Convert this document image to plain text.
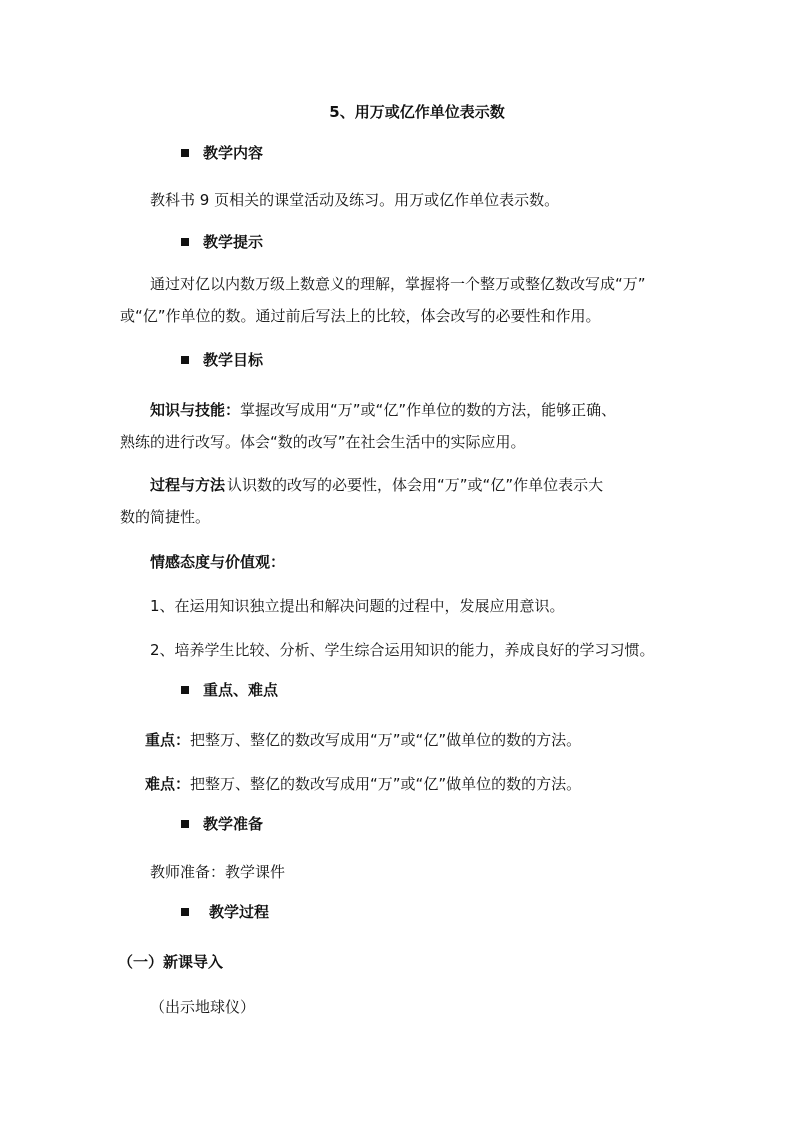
5、用万或亿作单位表示数
教学内容
教科书 9 页相关的课堂活动及练习。用万或亿作单位表示数。
教学提示
通过对亿以内数万级上数意义的理解，掌握将一个整万或整亿数改写成“万”
或“亿”作单位的数。通过前后写法上的比较，体会改写的必要性和作用。
教学目标
知识与技能：掌握改写成用“万”或“亿”作单位的数的方法，能够正确、
熟练的进行改写。体会“数的改写”在社会生活中的实际应用。
过程与方法 认识数的改写的必要性，体会用“万”或“亿”作单位表示大
数的简捷性。
情感态度与价值观：
1、在运用知识独立提出和解决问题的过程中，发展应用意识。
2、培养学生比较、分析、学生综合运用知识的能力，养成良好的学习习惯。
重点、难点
重点：把整万、整亿的数改写成用“万”或“亿”做单位的数的方法。
难点：把整万、整亿的数改写成用“万”或“亿”做单位的数的方法。
教学准备
教师准备：教学课件
教学过程
（一）新课导入
（出示地球仪）
